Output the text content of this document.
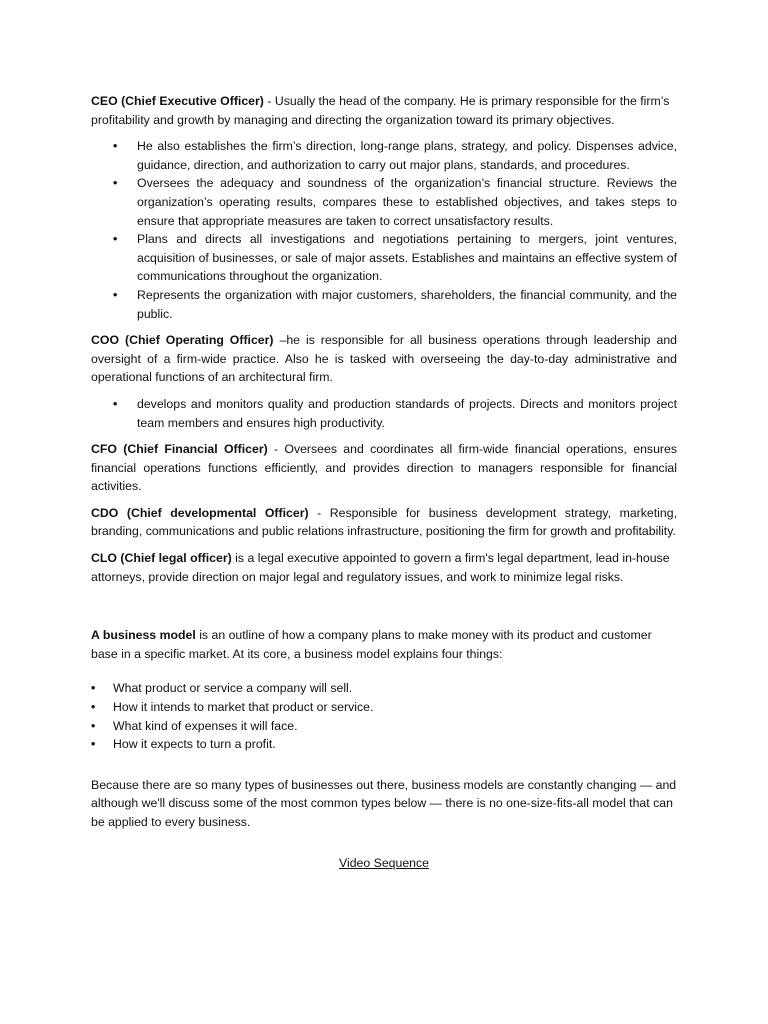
CEO (Chief Executive Officer) - Usually the head of the company. He is primary responsible for the firm’s profitability and growth by managing and directing the organization toward its primary objectives.

• He also establishes the firm’s direction, long-range plans, strategy, and policy. Dispenses advice, guidance, direction, and authorization to carry out major plans, standards, and procedures.
• Oversees the adequacy and soundness of the organization’s financial structure. Reviews the organization’s operating results, compares these to established objectives, and takes steps to ensure that appropriate measures are taken to correct unsatisfactory results.
• Plans and directs all investigations and negotiations pertaining to mergers, joint ventures, acquisition of businesses, or sale of major assets. Establishes and maintains an effective system of communications throughout the organization.
• Represents the organization with major customers, shareholders, the financial community, and the public.

COO (Chief Operating Officer) –he is responsible for all business operations through leadership and oversight of a firm-wide practice. Also he is tasked with overseeing the day-to-day administrative and operational functions of an architectural firm.

• develops and monitors quality and production standards of projects. Directs and monitors project team members and ensures high productivity.

CFO (Chief Financial Officer) - Oversees and coordinates all firm-wide financial operations, ensures financial operations functions efficiently, and provides direction to managers responsible for financial activities.

CDO (Chief developmental Officer) - Responsible for business development strategy, marketing, branding, communications and public relations infrastructure, positioning the firm for growth and profitability.

CLO (Chief legal officer) is a legal executive appointed to govern a firm's legal department, lead in-house attorneys, provide direction on major legal and regulatory issues, and work to minimize legal risks.

A business model is an outline of how a company plans to make money with its product and customer base in a specific market. At its core, a business model explains four things:

• What product or service a company will sell.
• How it intends to market that product or service.
• What kind of expenses it will face.
• How it expects to turn a profit.

Because there are so many types of businesses out there, business models are constantly changing — and although we'll discuss some of the most common types below — there is no one-size-fits-all model that can be applied to every business.

Video Sequence
